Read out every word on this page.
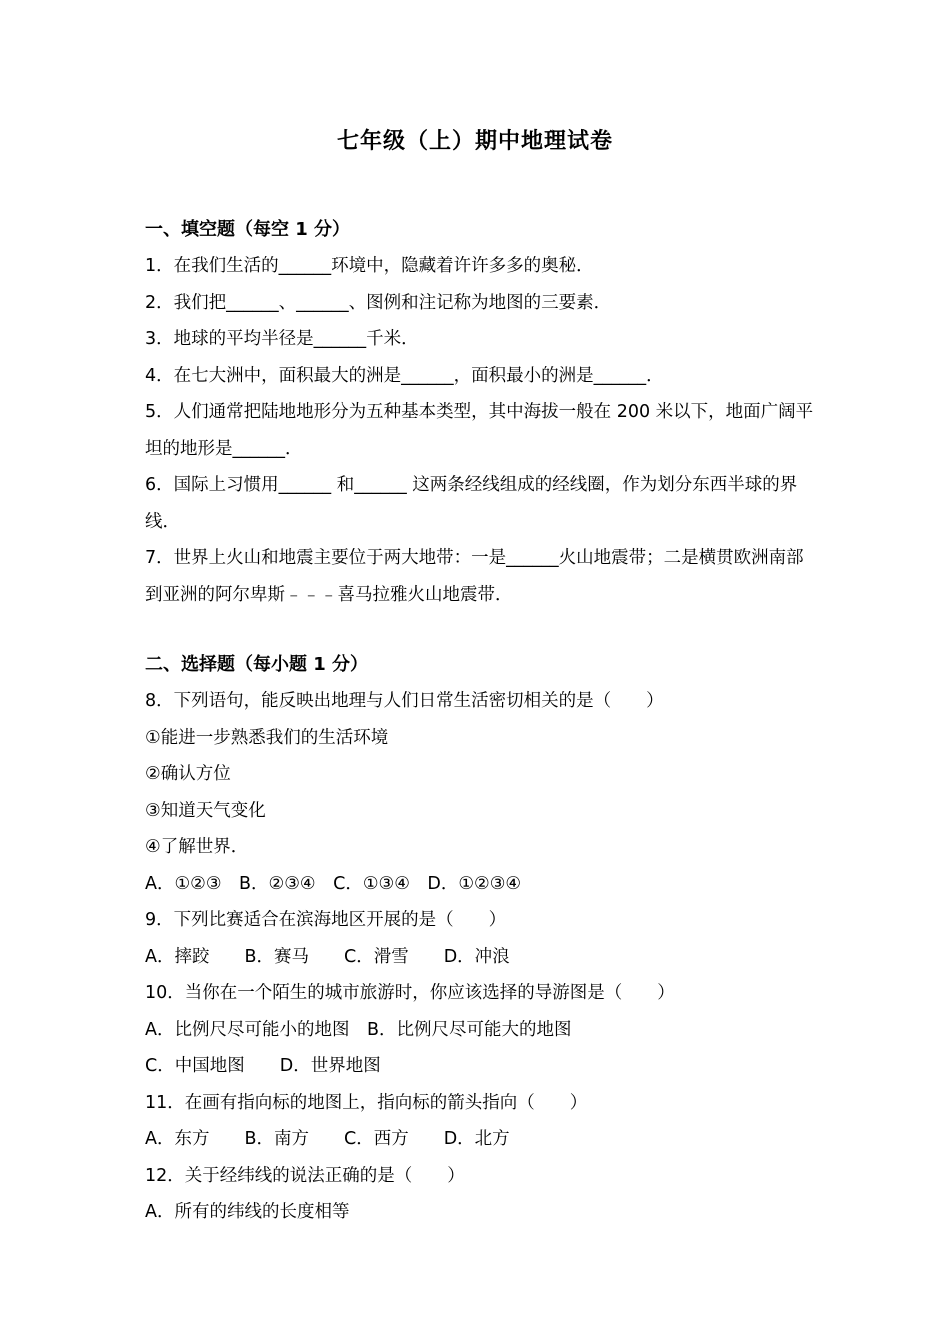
七年级（上）期中地理试卷
一、填空题（每空 1 分）
1．在我们生活的______环境中，隐藏着许许多多的奥秘．
2．我们把______、______、图例和注记称为地图的三要素．
3．地球的平均半径是______千米．
4．在七大洲中，面积最大的洲是______，面积最小的洲是______．
5．人们通常把陆地地形分为五种基本类型，其中海拔一般在 200 米以下，地面广阔平坦的地形是______．
6．国际上习惯用______ 和______ 这两条经线组成的经线圈，作为划分东西半球的界线．
7．世界上火山和地震主要位于两大地带：一是______火山地震带；二是横贯欧洲南部到亚洲的阿尔卑斯﹣﹣﹣喜马拉雅火山地震带．
二、选择题（每小题 1 分）
8．下列语句，能反映出地理与人们日常生活密切相关的是（　　）
①能进一步熟悉我们的生活环境
②确认方位
③知道天气变化
④了解世界．
A．①②③　B．②③④　C．①③④　D．①②③④
9．下列比赛适合在滨海地区开展的是（　　）
A．摔跤　　B．赛马　　C．滑雪　　D．冲浪
10．当你在一个陌生的城市旅游时，你应该选择的导游图是（　　）
A．比例尺尽可能小的地图　B．比例尺尽可能大的地图
C．中国地图　　D．世界地图
11．在画有指向标的地图上，指向标的箭头指向（　　）
A．东方　　B．南方　　C．西方　　D．北方
12．关于经纬线的说法正确的是（　　）
A．所有的纬线的长度相等
